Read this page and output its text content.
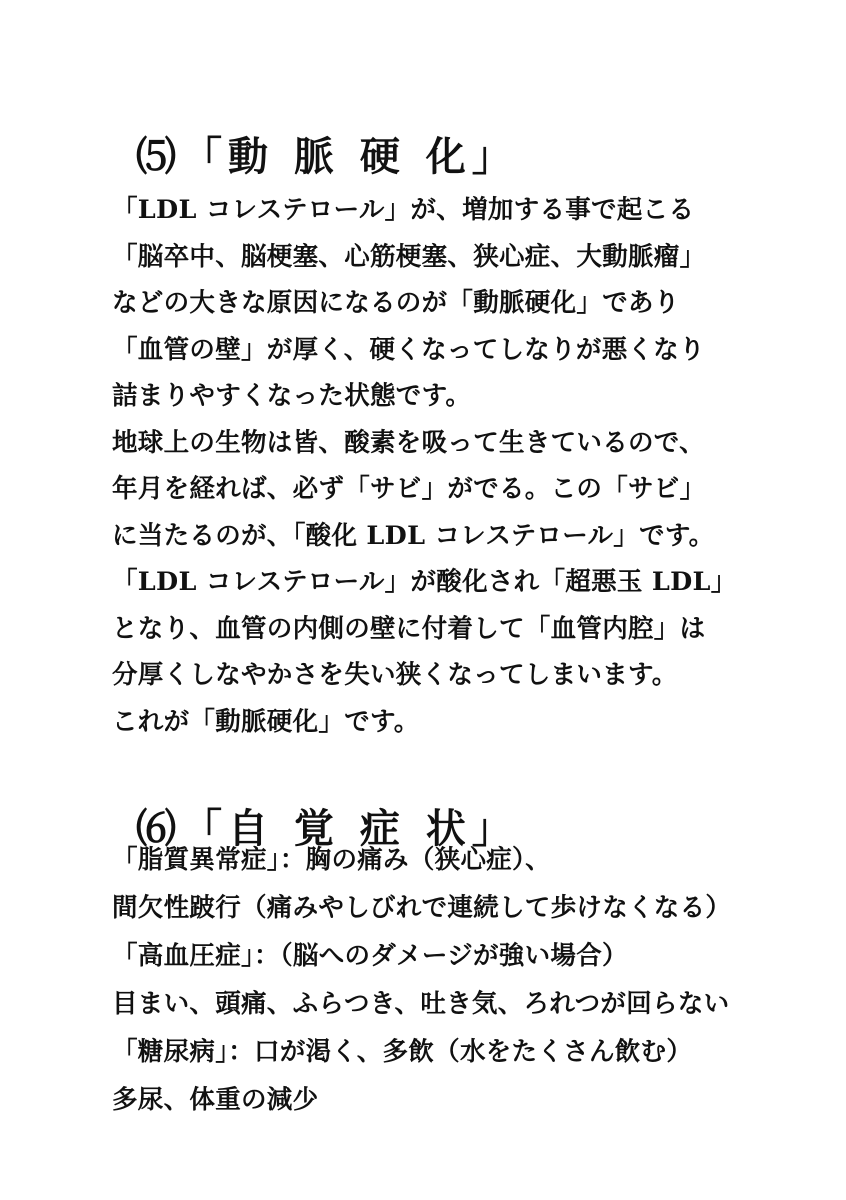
⑸「動 脈 硬 化」
「LDL コレステロール」が、増加する事で起こる
「脳卒中、脳梗塞、心筋梗塞、狭心症、大動脈瘤」
などの大きな原因になるのが「動脈硬化」であり
「血管の壁」が厚く、硬くなってしなりが悪くなり
詰まりやすくなった状態です。
地球上の生物は皆、酸素を吸って生きているので、
年月を経れば、必ず「サビ」がでる。この「サビ」
に当たるのが、「酸化 LDL コレステロール」です。
「LDL コレステロール」が酸化され「超悪玉 LDL」
となり、血管の内側の壁に付着して「血管内腔」は
分厚くしなやかさを失い狭くなってしまいます。
これが「動脈硬化」です。
⑹「自 覚 症 状」
「脂質異常症」：胸の痛み（狭心症）、
間欠性跛行（痛みやしびれで連続して歩けなくなる）
「高血圧症」：（脳へのダメージが強い場合）
目まい、頭痛、ふらつき、吐き気、ろれつが回らない
「糖尿病」：口が渇く、多飲（水をたくさん飲む）
多尿、体重の減少
